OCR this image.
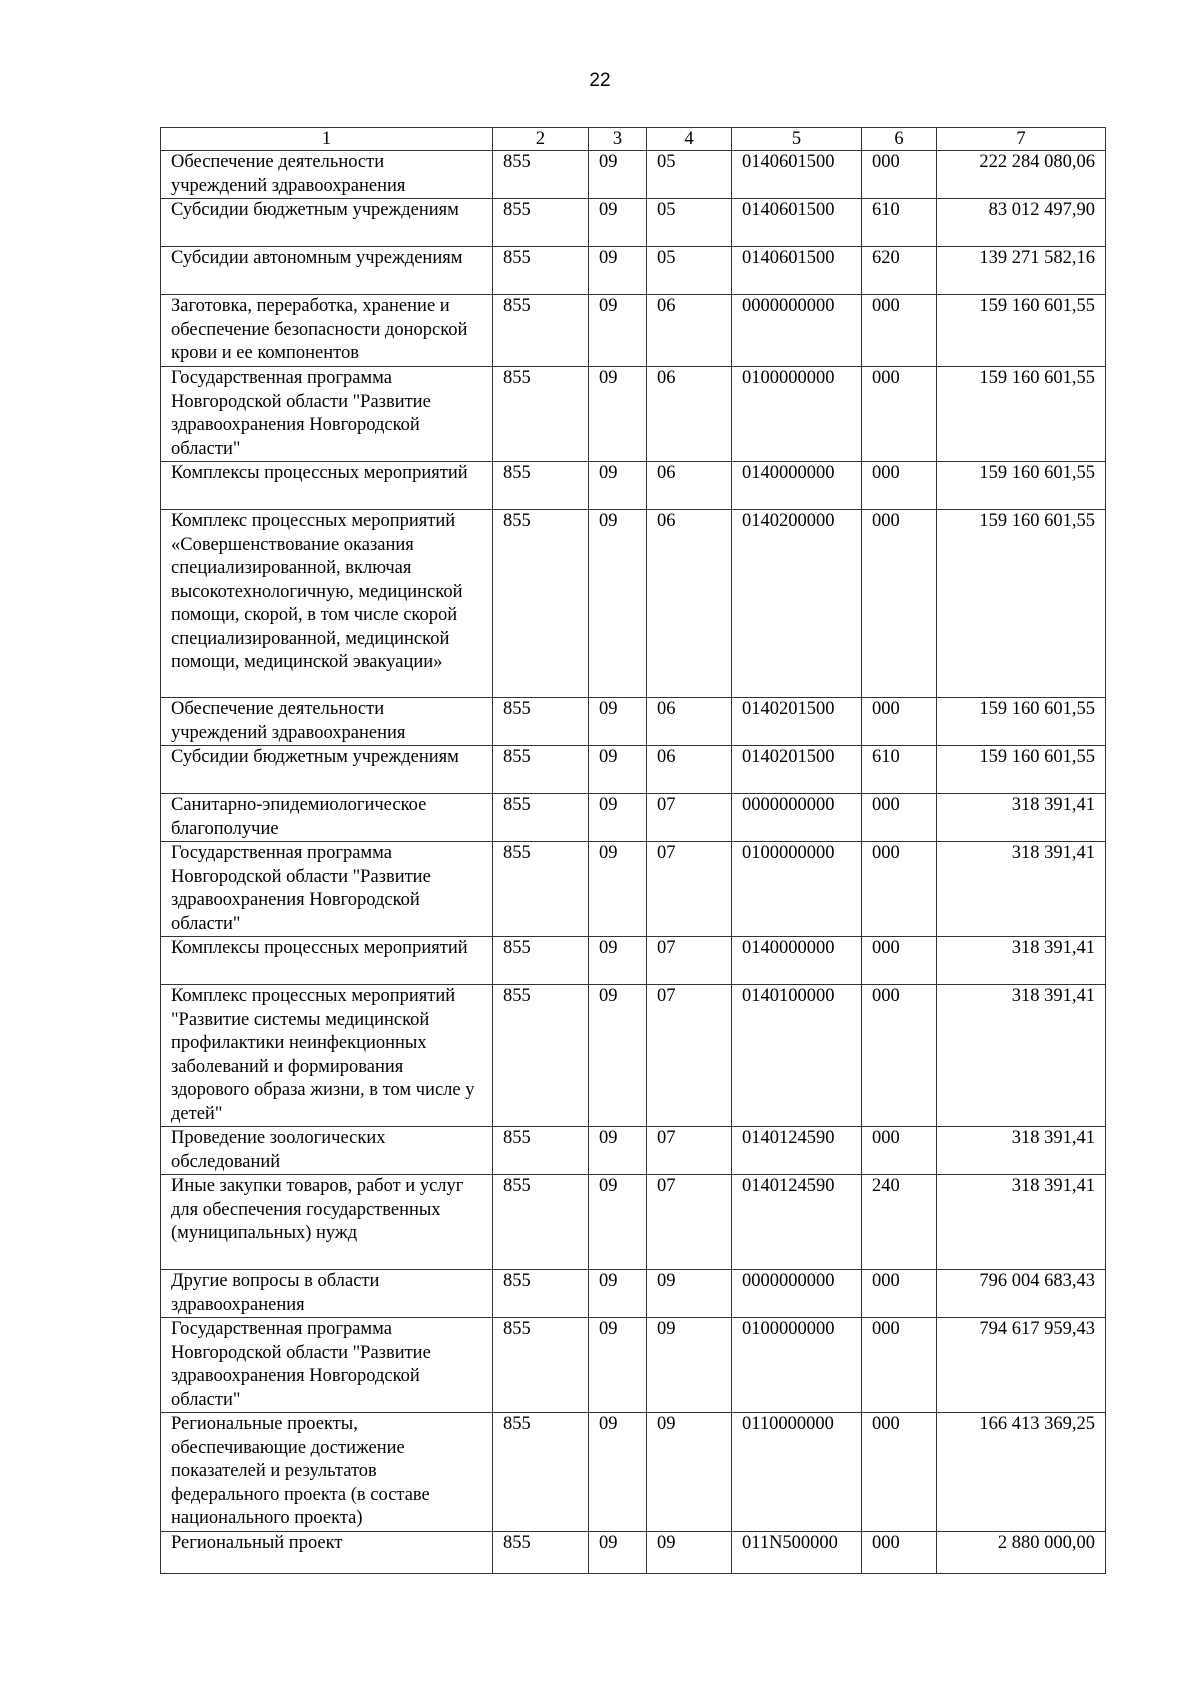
22
1	2	3	4	5	6	7
Обеспечение деятельности учреждений здравоохранения	855	09	05	0140601500	000	222 284 080,06
Субсидии бюджетным учреждениям	855	09	05	0140601500	610	83 012 497,90
Субсидии автономным учреждениям	855	09	05	0140601500	620	139 271 582,16
Заготовка, переработка, хранение и обеспечение безопасности донорской крови и ее компонентов	855	09	06	0000000000	000	159 160 601,55
Государственная программа Новгородской области "Развитие здравоохранения Новгородской области"	855	09	06	0100000000	000	159 160 601,55
Комплексы процессных мероприятий	855	09	06	0140000000	000	159 160 601,55
Комплекс процессных мероприятий «Совершенствование оказания специализированной, включая высокотехнологичную, медицинской помощи, скорой, в том числе скорой специализированной, медицинской помощи, медицинской эвакуации»	855	09	06	0140200000	000	159 160 601,55
Обеспечение деятельности учреждений здравоохранения	855	09	06	0140201500	000	159 160 601,55
Субсидии бюджетным учреждениям	855	09	06	0140201500	610	159 160 601,55
Санитарно-эпидемиологическое благополучие	855	09	07	0000000000	000	318 391,41
Государственная программа Новгородской области "Развитие здравоохранения Новгородской области"	855	09	07	0100000000	000	318 391,41
Комплексы процессных мероприятий	855	09	07	0140000000	000	318 391,41
Комплекс процессных мероприятий "Развитие системы медицинской профилактики неинфекционных заболеваний и формирования здорового образа жизни, в том числе у детей"	855	09	07	0140100000	000	318 391,41
Проведение зоологических обследований	855	09	07	0140124590	000	318 391,41
Иные закупки товаров, работ и услуг для обеспечения государственных (муниципальных) нужд	855	09	07	0140124590	240	318 391,41
Другие вопросы в области здравоохранения	855	09	09	0000000000	000	796 004 683,43
Государственная программа Новгородской области "Развитие здравоохранения Новгородской области"	855	09	09	0100000000	000	794 617 959,43
Региональные проекты, обеспечивающие достижение показателей и результатов федерального проекта (в составе национального проекта)	855	09	09	0110000000	000	166 413 369,25
Региональный проект	855	09	09	011N500000	000	2 880 000,00
